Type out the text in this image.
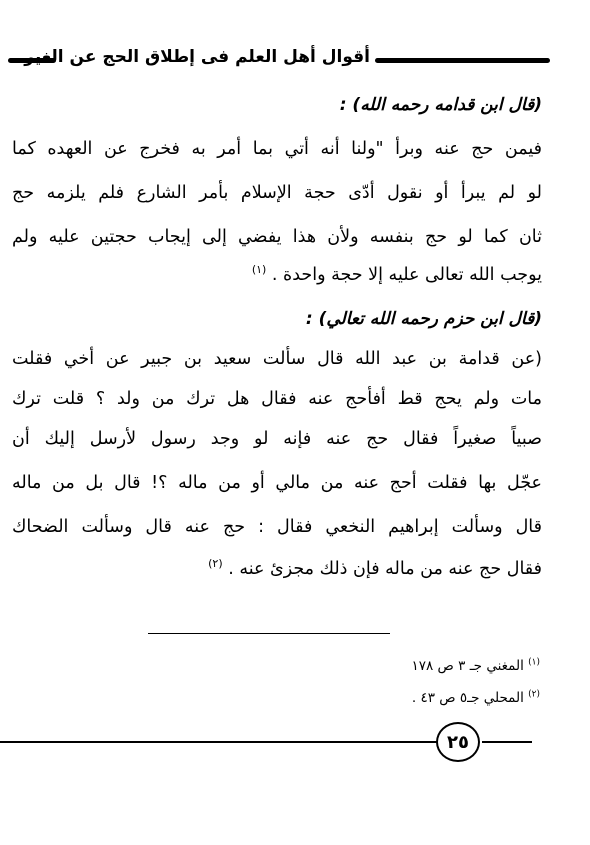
أقوال أهل العلم فى إطلاق الحج عن الغير
(قال ابن قدامه رحمه الله) :
فيمن حج عنه وبرأ "ولنا أنه أتي بما أمر به فخرج عن العهده كما
لو لم يبرأ أو نقول أدّى حجة الإسلام بأمر الشارع فلم يلزمه حج
ثان كما لو حج بنفسه ولأن هذا يفضي إلى إيجاب حجتين عليه ولم
يوجب الله تعالى عليه إلا حجة واحدة . $^{(١)}$
(قال ابن حزم رحمه الله تعالي) :
(عن قدامة بن عبد الله قال سألت سعيد بن جبير عن أخي فقلت
مات ولم يحج قط أفأحج عنه فقال هل ترك من ولد ؟ قلت ترك
صبياً صغيراً فقال حج عنه فإنه لو وجد رسول لأرسل إليك أن
عجّل بها فقلت أحج عنه من مالي أو من ماله ؟! قال بل من ماله
قال وسألت إبراهيم النخعي فقال : حج عنه قال وسألت الضحاك
فقال حج عنه من ماله فإن ذلك مجزئ عنه . $^{(٢)}$
$^{(١)}$ المغني جـ ٣ ص ١٧٨
$^{(٢)}$ المحلي جـ٥ ص ٤٣ .
٢٥
